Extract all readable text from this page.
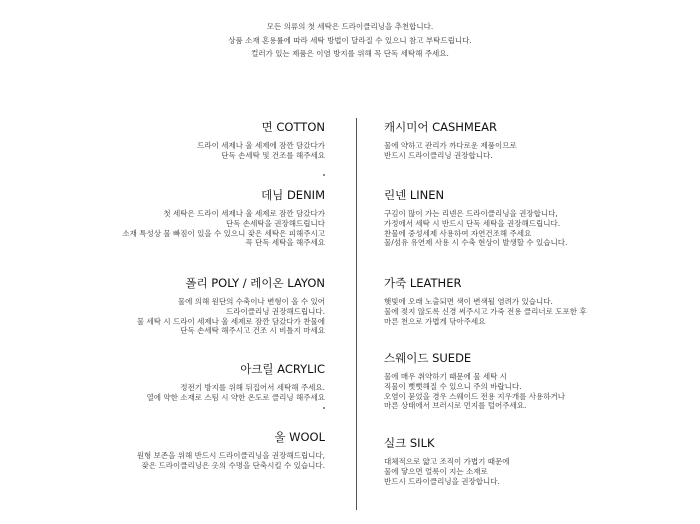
모든 의류의 첫 세탁은 드라이클리닝을 추천합니다.
상품 소재 혼용률에 따라 세탁 방법이 달라질 수 있으니 참고 부탁드립니다.
컬러가 있는 제품은 이염 방지를 위해 꼭 단독 세탁해 주세요.
면 COTTON
드라이 세제나 울 세제에 잠깐 담갔다가
단독 손세탁 및 건조를 해주세요
데님 DENIM
첫 세탁은 드라이 세제나 울 세제로 잠깐 담갔다가
단독 손세탁을 권장해드립니다
소재 특성상 물 빠짐이 있을 수 있으니 잦은 세탁은 피해주시고
꼭 단독 세탁을 해주세요
폴리 POLY / 레이온 LAYON
물에 의해 원단의 수축이나 변형이 올 수 있어
드라이클리닝 권장해드립니다.
물 세탁 시 드라이 세제나 울 세제로 잠깐 담갔다가 찬물에
단독 손세탁 해주시고 건조 시 비틀지 마세요
아크릴 ACRYLIC
정전기 방지를 위해 뒤집어서 세탁해 주세요.
열에 약한 소재로 스팀 시 약한 온도로 클리닝 해주세요
울 WOOL
원형 보존을 위해 반드시 드라이클리닝을 권장해드립니다,
잦은 드라이클리닝은 옷의 수명을 단축시킬 수 있습니다.
캐시미어 CASHMEAR
물에 약하고 관리가 까다로운 제품이므로
반드시 드라이클리닝 권장합니다.
린넨 LINEN
구김이 많이 가는 리넨은 드라이클리닝을 권장합니다,
가정에서 세탁 시 반드시 단독 세탁을 권장해드립니다.
찬물에 중성세제 사용하여 자연건조해 주세요
물/섬유 유연제 사용 시 수축 현상이 발생할 수 있습니다.
가죽 LEATHER
햇빛에 오래 노출되면 색이 변색될 염려가 있습니다.
물에 젖지 않도록 신경 써주시고 가죽 전용 클리너로 도포한 후
마른 천으로 가볍게 닦아주세요
스웨이드 SUEDE
물에 매우 취약하기 때문에 물 세탁 시
직물이 뻣뻣해질 수 있으니 주의 바랍니다.
오염이 묻었을 경우 스웨이드 전용 지우개를 사용하거나
마른 상태에서 브러시로 먼지를 털어주세요.
실크 SILK
대체적으로 얇고 조직이 가볍기 때문에
물에 닿으면 얼룩이 지는 소재로
반드시 드라이클리닝을 권장합니다.
